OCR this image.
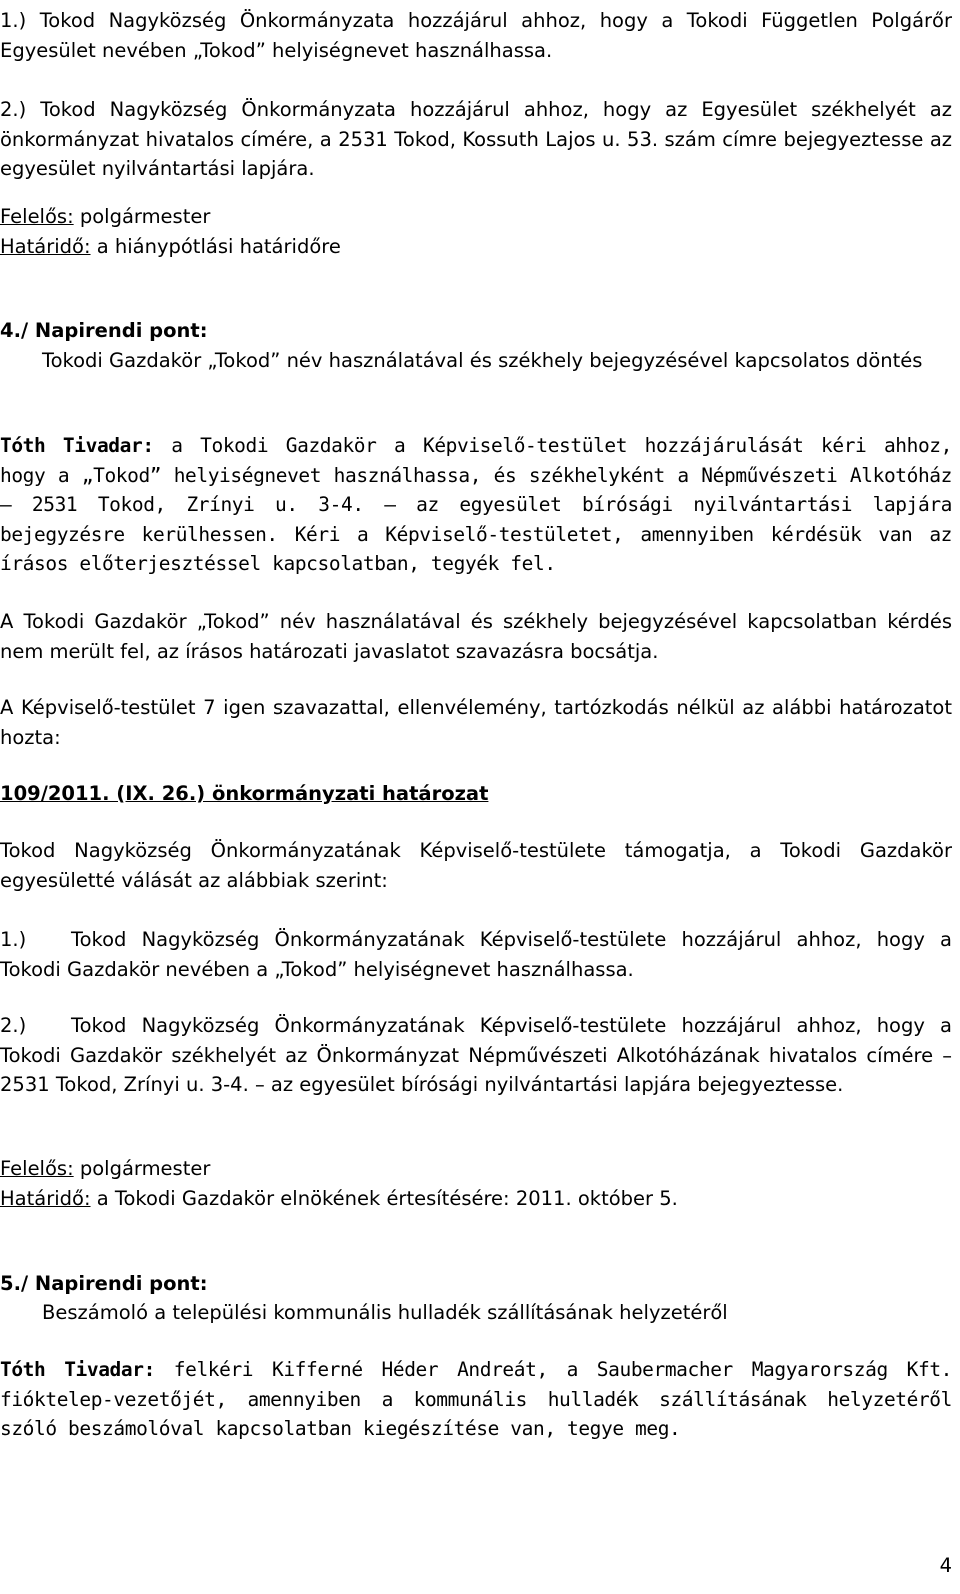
1.) Tokod Nagyközség Önkormányzata hozzájárul ahhoz, hogy a Tokodi Független Polgárőr Egyesület nevében „Tokod” helyiségnevet használhassa.
2.) Tokod Nagyközség Önkormányzata hozzájárul ahhoz, hogy az Egyesület székhelyét az önkormányzat hivatalos címére, a 2531 Tokod, Kossuth Lajos u. 53. szám címre bejegyeztesse az egyesület nyilvántartási lapjára.
Felelős: polgármester
Határidő: a hiánypótlási határidőre
4./ Napirendi pont:
Tokodi Gazdakör „Tokod” név használatával és székhely bejegyzésével kapcsolatos döntés
Tóth Tivadar: a Tokodi Gazdakör a Képviselő-testület hozzájárulását kéri ahhoz, hogy a „Tokod” helyiségnevet használhassa, és székhelyként a Népművészeti Alkotóház – 2531 Tokod, Zrínyi u. 3-4. – az egyesület bírósági nyilvántartási lapjára bejegyzésre kerülhessen. Kéri a Képviselő-testületet, amennyiben kérdésük van az írásos előterjesztéssel kapcsolatban, tegyék fel.
A Tokodi Gazdakör „Tokod” név használatával és székhely bejegyzésével kapcsolatban kérdés nem merült fel, az írásos határozati javaslatot szavazásra bocsátja.
A Képviselő-testület 7 igen szavazattal, ellenvélemény, tartózkodás nélkül az alábbi határozatot hozta:
109/2011. (IX. 26.) önkormányzati határozat
Tokod Nagyközség Önkormányzatának Képviselő-testülete támogatja, a Tokodi Gazdakör egyesületté válását az alábbiak szerint:
1.) Tokod Nagyközség Önkormányzatának Képviselő-testülete hozzájárul ahhoz, hogy a Tokodi Gazdakör nevében a „Tokod” helyiségnevet használhassa.
2.) Tokod Nagyközség Önkormányzatának Képviselő-testülete hozzájárul ahhoz, hogy a Tokodi Gazdakör székhelyét az Önkormányzat Népművészeti Alkotóházának hivatalos címére – 2531 Tokod, Zrínyi u. 3-4. – az egyesület bírósági nyilvántartási lapjára bejegyeztesse.
Felelős: polgármester
Határidő: a Tokodi Gazdakör elnökének értesítésére: 2011. október 5.
5./ Napirendi pont:
Beszámoló a települési kommunális hulladék szállításának helyzetéről
Tóth Tivadar: felkéri Kifferné Héder Andreát, a Saubermacher Magyarország Kft. fióktelep-vezetőjét, amennyiben a kommunális hulladék szállításának helyzetéről szóló beszámolóval kapcsolatban kiegészítése van, tegye meg.
4
